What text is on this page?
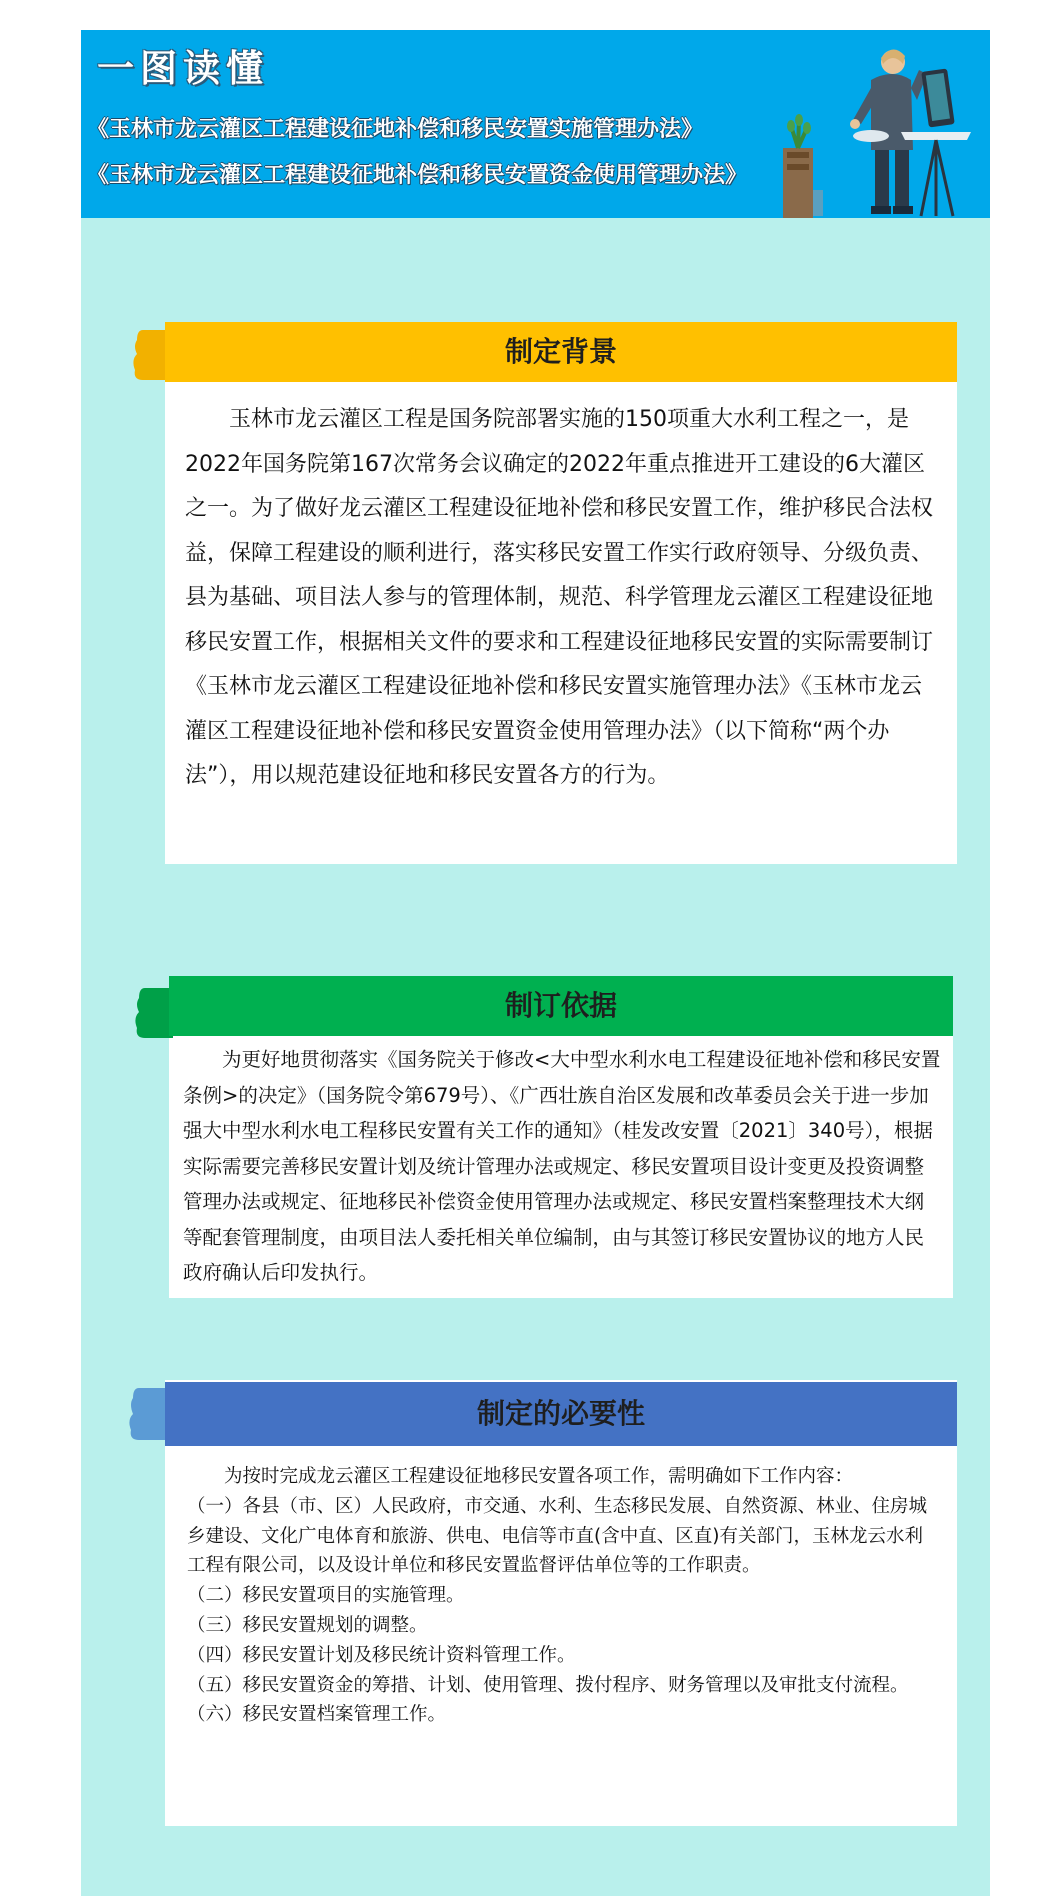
一图读懂
《玉林市龙云灌区工程建设征地补偿和移民安置实施管理办法》
《玉林市龙云灌区工程建设征地补偿和移民安置资金使用管理办法》
制定背景
玉林市龙云灌区工程是国务院部署实施的150项重大水利工程之一，是2022年国务院第167次常务会议确定的2022年重点推进开工建设的6大灌区之一。为了做好龙云灌区工程建设征地补偿和移民安置工作，维护移民合法权益，保障工程建设的顺利进行，落实移民安置工作实行政府领导、分级负责、县为基础、项目法人参与的管理体制，规范、科学管理龙云灌区工程建设征地移民安置工作，根据相关文件的要求和工程建设征地移民安置的实际需要制订《玉林市龙云灌区工程建设征地补偿和移民安置实施管理办法》《玉林市龙云灌区工程建设征地补偿和移民安置资金使用管理办法》（以下简称“两个办法”），用以规范建设征地和移民安置各方的行为。
制订依据
为更好地贯彻落实《国务院关于修改<大中型水利水电工程建设征地补偿和移民安置条例>的决定》（国务院令第679号）、《广西壮族自治区发展和改革委员会关于进一步加强大中型水利水电工程移民安置有关工作的通知》（桂发改安置〔2021〕340号），根据实际需要完善移民安置计划及统计管理办法或规定、移民安置项目设计变更及投资调整管理办法或规定、征地移民补偿资金使用管理办法或规定、移民安置档案整理技术大纲等配套管理制度，由项目法人委托相关单位编制，由与其签订移民安置协议的地方人民政府确认后印发执行。
制定的必要性

为按时完成龙云灌区工程建设征地移民安置各项工作，需明确如下工作内容：

（一）各县（市、区）人民政府，市交通、水利、生态移民发展、自然资源、林业、住房城乡建设、文化广电体育和旅游、供电、电信等市直(含中直、区直)有关部门，玉林龙云水利工程有限公司，以及设计单位和移民安置监督评估单位等的工作职责。

（二）移民安置项目的实施管理。

（三）移民安置规划的调整。

（四）移民安置计划及移民统计资料管理工作。

（五）移民安置资金的筹措、计划、使用管理、拨付程序、财务管理以及审批支付流程。

（六）移民安置档案管理工作。
